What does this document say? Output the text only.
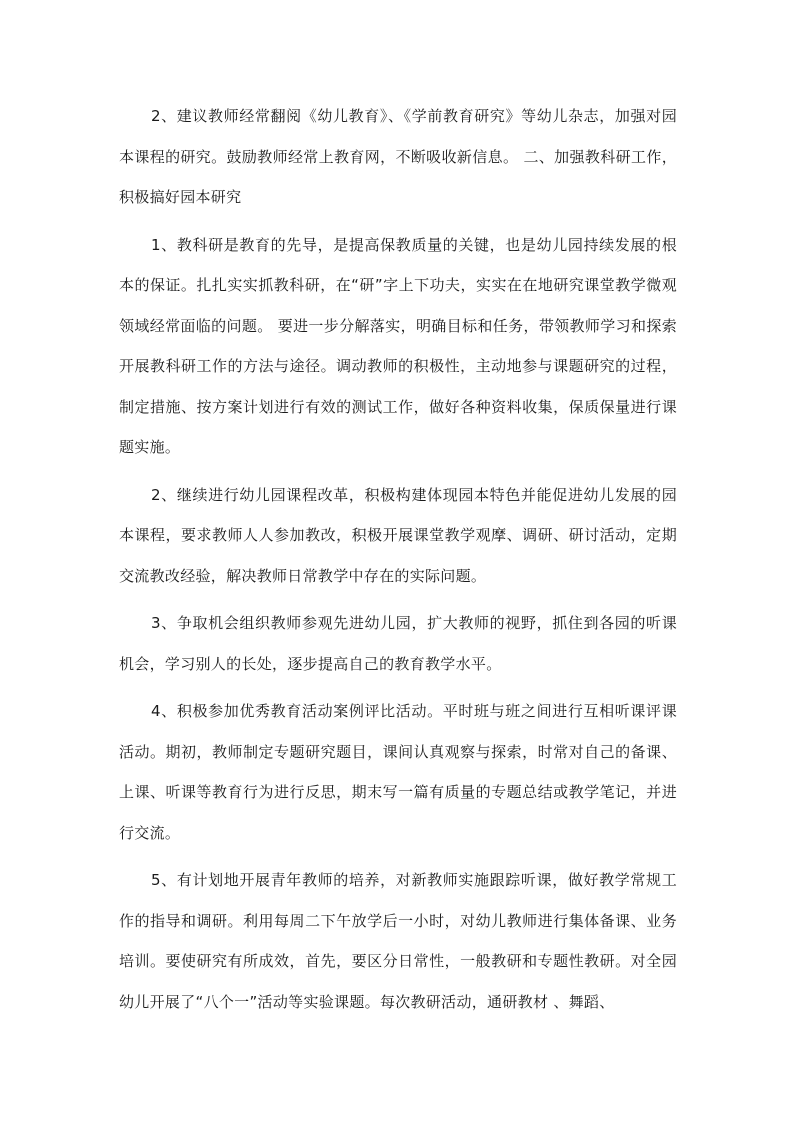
2、建议教师经常翻阅《幼儿教育》、《学前教育研究》等幼儿杂志，加强对园本课程的研究。鼓励教师经常上教育网，不断吸收新信息。 二、加强教科研工作，积极搞好园本研究

1、教科研是教育的先导，是提高保教质量的关键，也是幼儿园持续发展的根本的保证。扎扎实实抓教科研，在“研”字上下功夫，实实在在地研究课堂教学微观领域经常面临的问题。 要进一步分解落实，明确目标和任务，带领教师学习和探索开展教科研工作的方法与途径。调动教师的积极性，主动地参与课题研究的过程，制定措施、按方案计划进行有效的测试工作，做好各种资料收集，保质保量进行课题实施。

2、继续进行幼儿园课程改革，积极构建体现园本特色并能促进幼儿发展的园本课程，要求教师人人参加教改，积极开展课堂教学观摩、调研、研讨活动，定期交流教改经验，解决教师日常教学中存在的实际问题。

3、争取机会组织教师参观先进幼儿园，扩大教师的视野，抓住到各园的听课机会，学习别人的长处，逐步提高自己的教育教学水平。

4、积极参加优秀教育活动案例评比活动。平时班与班之间进行互相听课评课活动。期初，教师制定专题研究题目，课间认真观察与探索，时常对自己的备课、上课、听课等教育行为进行反思，期末写一篇有质量的专题总结或教学笔记，并进行交流。

5、有计划地开展青年教师的培养，对新教师实施跟踪听课，做好教学常规工作的指导和调研。利用每周二下午放学后一小时，对幼儿教师进行集体备课、业务培训。要使研究有所成效，首先，要区分日常性，一般教研和专题性教研。对全园幼儿开展了“八个一”活动等实验课题。每次教研活动，通研教材 、舞蹈、
